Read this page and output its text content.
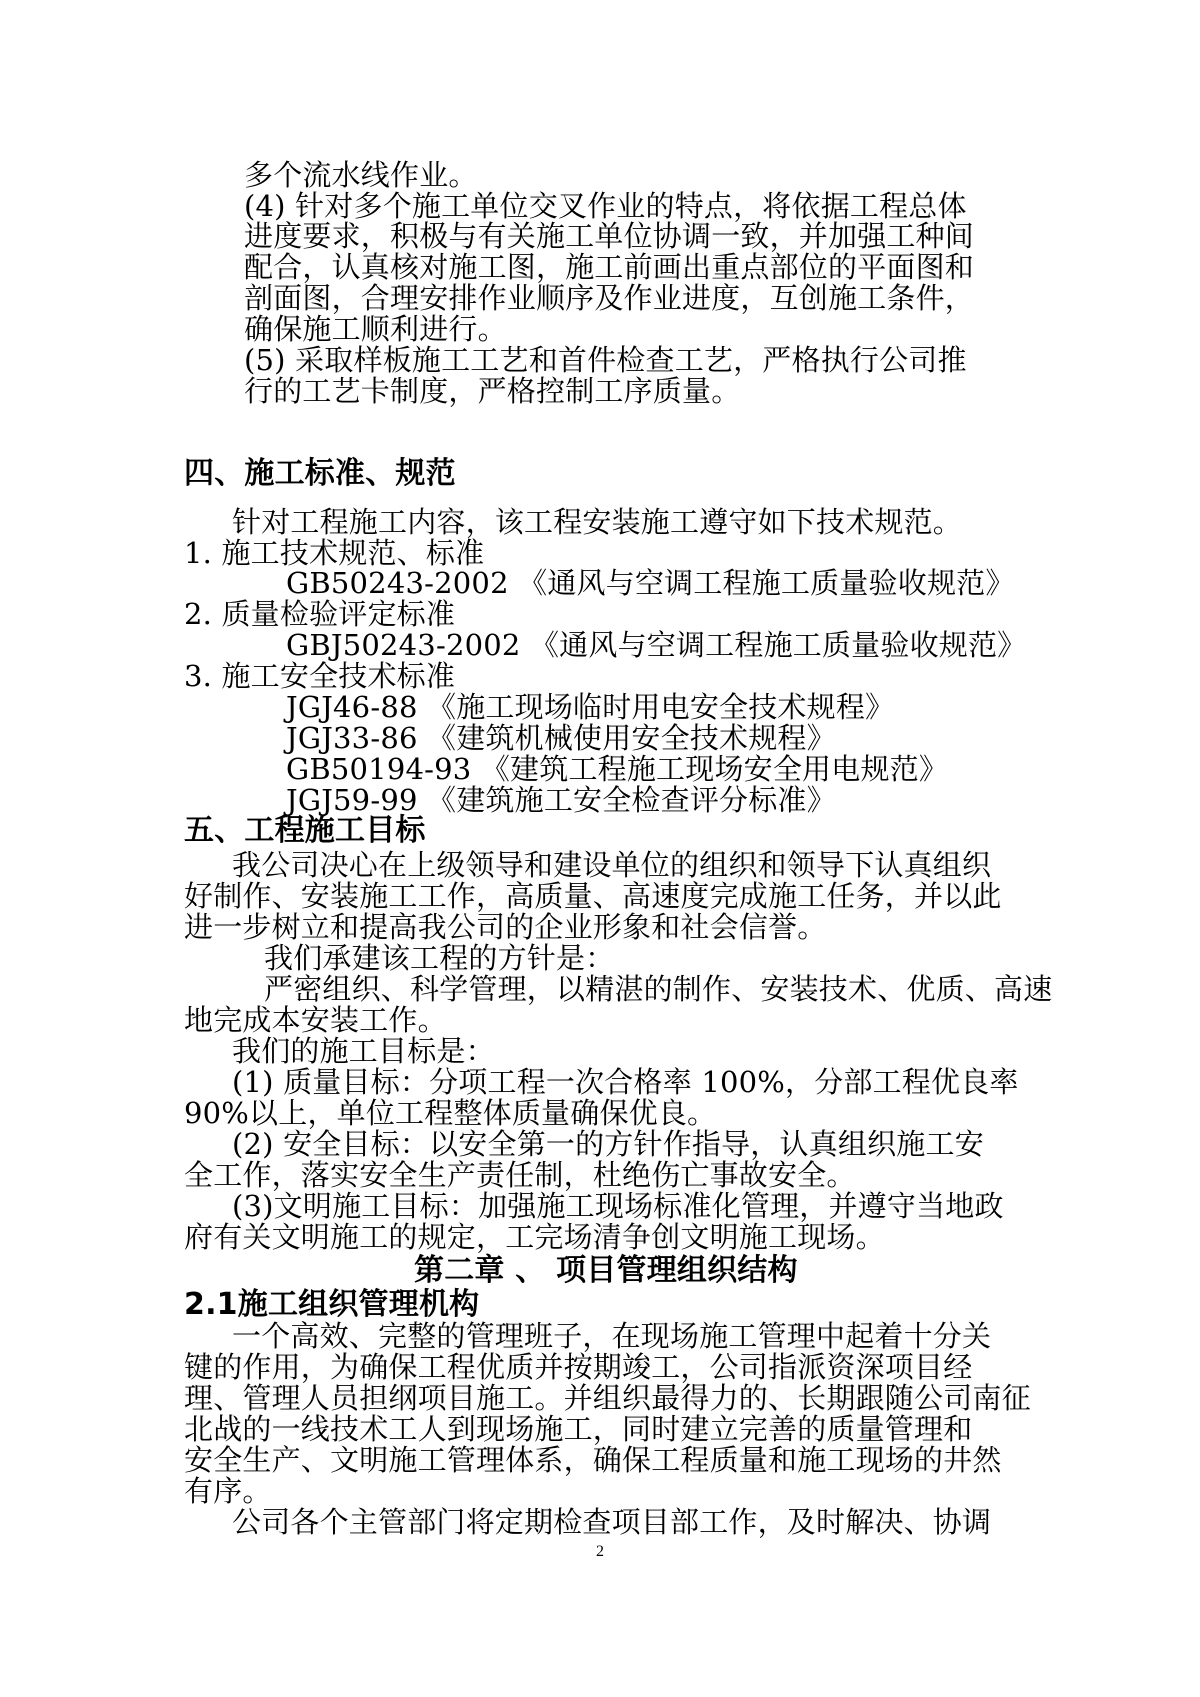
多个流水线作业。
(4) 针对多个施工单位交叉作业的特点，将依据工程总体
进度要求，积极与有关施工单位协调一致，并加强工种间
配合，认真核对施工图，施工前画出重点部位的平面图和
剖面图，合理安排作业顺序及作业进度，互创施工条件，
确保施工顺利进行。
(5) 采取样板施工工艺和首件检查工艺，严格执行公司推
行的工艺卡制度，严格控制工序质量。
四、施工标准、规范
针对工程施工内容，该工程安装施工遵守如下技术规范。
1. 施工技术规范、标准
GB50243-2002 《通风与空调工程施工质量验收规范》
2. 质量检验评定标准
GBJ50243-2002 《通风与空调工程施工质量验收规范》
3. 施工安全技术标准
JGJ46-88 《施工现场临时用电安全技术规程》
JGJ33-86 《建筑机械使用安全技术规程》
GB50194-93 《建筑工程施工现场安全用电规范》
JGJ59-99 《建筑施工安全检查评分标准》
五、工程施工目标
我公司决心在上级领导和建设单位的组织和领导下认真组织
好制作、安装施工工作，高质量、高速度完成施工任务，并以此
进一步树立和提高我公司的企业形象和社会信誉。
我们承建该工程的方针是：
严密组织、科学管理，以精湛的制作、安装技术、优质、高速
地完成本安装工作。
我们的施工目标是：
(1) 质量目标：分项工程一次合格率 100%，分部工程优良率
90%以上，单位工程整体质量确保优良。
(2) 安全目标：以安全第一的方针作指导，认真组织施工安
全工作，落实安全生产责任制，杜绝伤亡事故安全。
(3)文明施工目标：加强施工现场标准化管理，并遵守当地政
府有关文明施工的规定，工完场清争创文明施工现场。
第二章 、 项目管理组织结构
2.1施工组织管理机构
一个高效、完整的管理班子，在现场施工管理中起着十分关
键的作用，为确保工程优质并按期竣工，公司指派资深项目经
理、管理人员担纲项目施工。并组织最得力的、长期跟随公司南征
北战的一线技术工人到现场施工，同时建立完善的质量管理和
安全生产、文明施工管理体系，确保工程质量和施工现场的井然
有序。
公司各个主管部门将定期检查项目部工作，及时解决、协调
2
